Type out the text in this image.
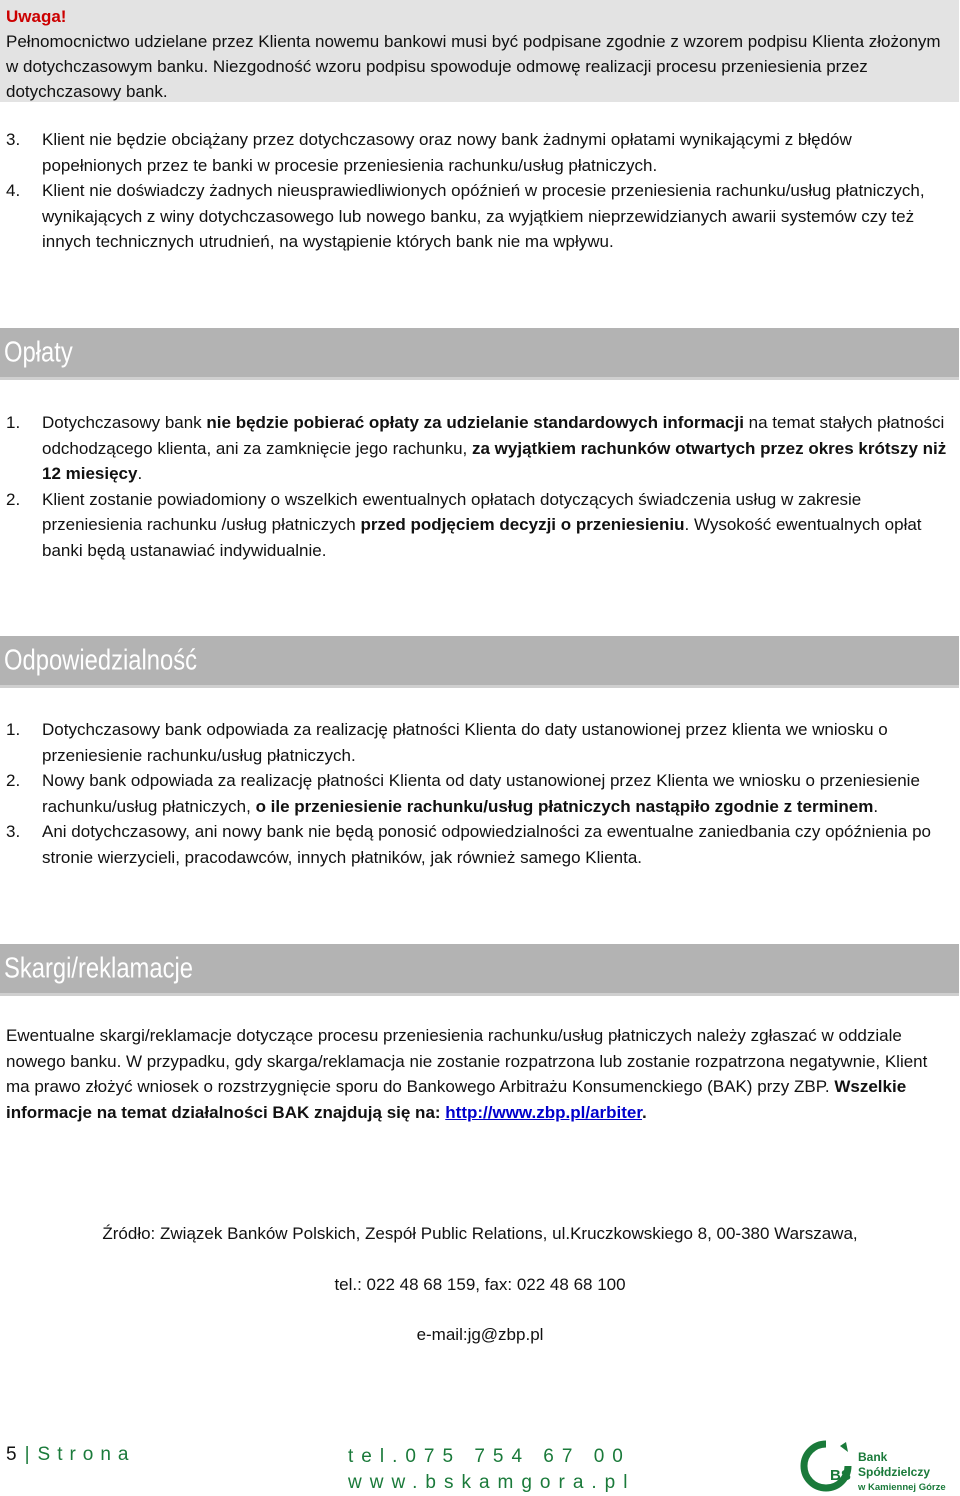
Uwaga!
Pełnomocnictwo udzielane przez Klienta nowemu bankowi musi być podpisane zgodnie z wzorem podpisu Klienta złożonym w dotychczasowym banku. Niezgodność wzoru podpisu spowoduje odmowę realizacji procesu przeniesienia przez dotychczasowy bank.
3.	Klient nie będzie obciążany przez dotychczasowy oraz nowy bank żadnymi opłatami wynikającymi z błędów popełnionych przez te banki w procesie przeniesienia rachunku/usług płatniczych.
4.	Klient nie doświadczy żadnych nieusprawiedliwionych opóźnień w procesie przeniesienia rachunku/usług płatniczych, wynikających z winy dotychczasowego lub nowego banku, za wyjątkiem nieprzewidzianych awarii systemów czy też innych technicznych utrudnień, na wystąpienie których bank nie ma wpływu.
Opłaty
1.	Dotychczasowy bank nie będzie pobierać opłaty za udzielanie standardowych informacji na temat stałych płatności odchodzącego klienta, ani za zamknięcie jego rachunku, za wyjątkiem rachunków otwartych przez okres krótszy niż 12 miesięcy.
2.	Klient zostanie powiadomiony o wszelkich ewentualnych opłatach dotyczących świadczenia usług w zakresie przeniesienia rachunku /usług płatniczych przed podjęciem decyzji o przeniesieniu. Wysokość ewentualnych opłat banki będą ustanawiać indywidualnie.
Odpowiedzialność
1.	Dotychczasowy bank odpowiada za realizację płatności Klienta do daty ustanowionej przez klienta we wniosku o przeniesienie rachunku/usług płatniczych.
2.	Nowy bank odpowiada za realizację płatności Klienta od daty ustanowionej przez Klienta we wniosku o przeniesienie rachunku/usług płatniczych, o ile przeniesienie rachunku/usług płatniczych nastąpiło zgodnie z terminem.
3.	Ani dotychczasowy, ani nowy bank nie będą ponosić odpowiedzialności za ewentualne zaniedbania czy opóźnienia po stronie wierzycieli, pracodawców, innych płatników, jak również samego Klienta.
Skargi/reklamacje
Ewentualne skargi/reklamacje dotyczące procesu przeniesienia rachunku/usług płatniczych należy zgłaszać w oddziale nowego banku. W przypadku, gdy skarga/reklamacja nie zostanie rozpatrzona lub zostanie rozpatrzona negatywnie, Klient ma prawo złożyć wniosek o rozstrzygnięcie sporu do Bankowego Arbitrażu Konsumenckiego (BAK) przy ZBP. Wszelkie informacje na temat działalności BAK znajdują się na: http://www.zbp.pl/arbiter.
Źródło: Związek Banków Polskich, Zespół Public Relations, ul.Kruczkowskiego 8, 00-380 Warszawa,
tel.: 022 48 68 159, fax: 022 48 68 100
e-mail:jg@zbp.pl
5 | Strona	tel.075 754 67 00
www.bskamgora.pl	BS
Bank Spółdzielczy
w Kamiennej Górze
